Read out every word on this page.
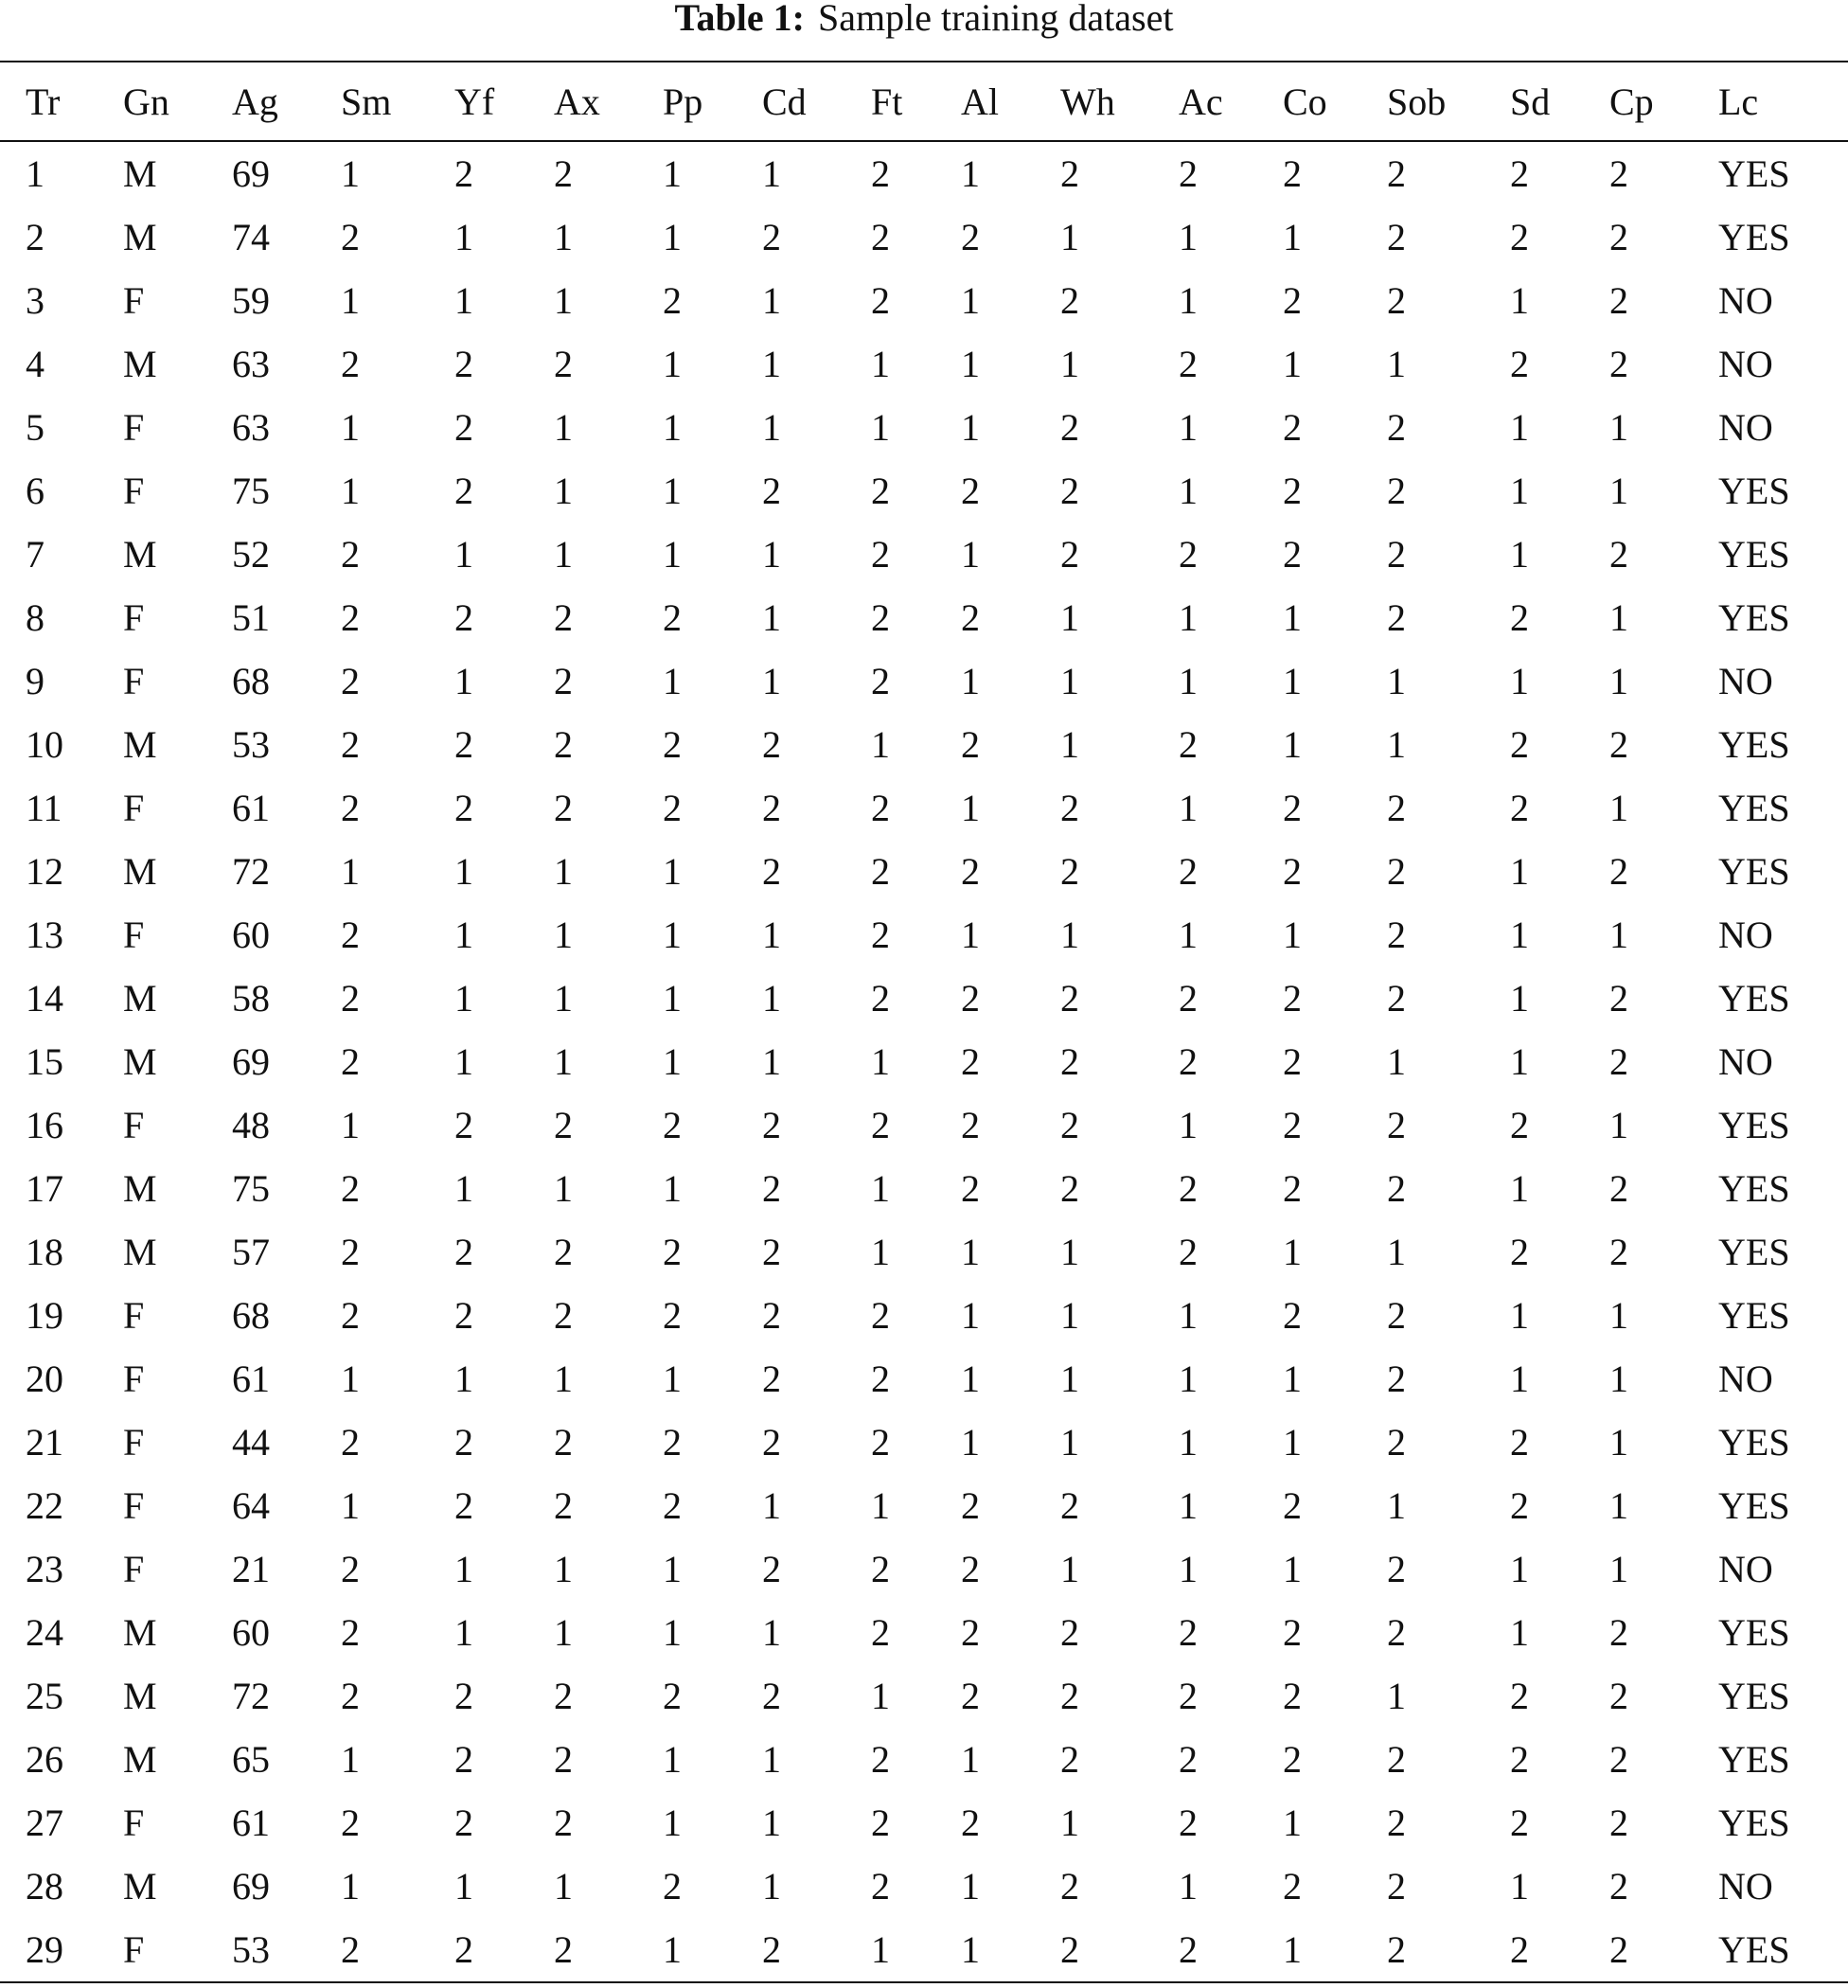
Table 1: Sample training dataset
Tr	Gn	Ag	Sm	Yf	Ax	Pp	Cd	Ft	Al	Wh	Ac	Co	Sob	Sd	Cp	Lc
1	M	69	1	2	2	1	1	2	1	2	2	2	2	2	2	YES
2	M	74	2	1	1	1	2	2	2	1	1	1	2	2	2	YES
3	F	59	1	1	1	2	1	2	1	2	1	2	2	1	2	NO
4	M	63	2	2	2	1	1	1	1	1	2	1	1	2	2	NO
5	F	63	1	2	1	1	1	1	1	2	1	2	2	1	1	NO
6	F	75	1	2	1	1	2	2	2	2	1	2	2	1	1	YES
7	M	52	2	1	1	1	1	2	1	2	2	2	2	1	2	YES
8	F	51	2	2	2	2	1	2	2	1	1	1	2	2	1	YES
9	F	68	2	1	2	1	1	2	1	1	1	1	1	1	1	NO
10	M	53	2	2	2	2	2	1	2	1	2	1	1	2	2	YES
11	F	61	2	2	2	2	2	2	1	2	1	2	2	2	1	YES
12	M	72	1	1	1	1	2	2	2	2	2	2	2	1	2	YES
13	F	60	2	1	1	1	1	2	1	1	1	1	2	1	1	NO
14	M	58	2	1	1	1	1	2	2	2	2	2	2	1	2	YES
15	M	69	2	1	1	1	1	1	2	2	2	2	1	1	2	NO
16	F	48	1	2	2	2	2	2	2	2	1	2	2	2	1	YES
17	M	75	2	1	1	1	2	1	2	2	2	2	2	1	2	YES
18	M	57	2	2	2	2	2	1	1	1	2	1	1	2	2	YES
19	F	68	2	2	2	2	2	2	1	1	1	2	2	1	1	YES
20	F	61	1	1	1	1	2	2	1	1	1	1	2	1	1	NO
21	F	44	2	2	2	2	2	2	1	1	1	1	2	2	1	YES
22	F	64	1	2	2	2	1	1	2	2	1	2	1	2	1	YES
23	F	21	2	1	1	1	2	2	2	1	1	1	2	1	1	NO
24	M	60	2	1	1	1	1	2	2	2	2	2	2	1	2	YES
25	M	72	2	2	2	2	2	1	2	2	2	2	1	2	2	YES
26	M	65	1	2	2	1	1	2	1	2	2	2	2	2	2	YES
27	F	61	2	2	2	1	1	2	2	1	2	1	2	2	2	YES
28	M	69	1	1	1	2	1	2	1	2	1	2	2	1	2	NO
29	F	53	2	2	2	1	2	1	1	2	2	1	2	2	2	YES
